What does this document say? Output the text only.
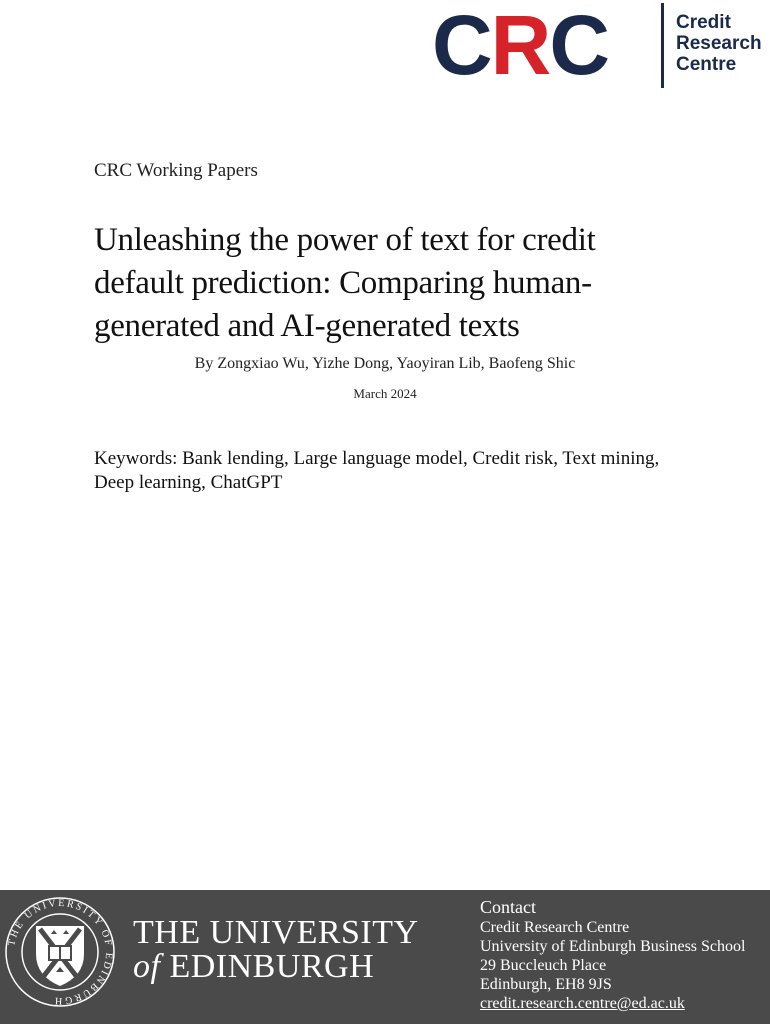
CRC	Credit
Research
Centre
CRC Working Papers
Unleashing the power of text for credit default prediction: Comparing human-generated and AI-generated texts
By Zongxiao Wu, Yizhe Dong, Yaoyiran Lib, Baofeng Shic
March 2024
Keywords: Bank lending, Large language model, Credit risk, Text mining, Deep learning, ChatGPT
THE UNIVERSITY OF EDINBURGH
THE UNIVERSITY
of EDINBURGH
Contact
Credit Research Centre
University of Edinburgh Business School
29 Buccleuch Place
Edinburgh, EH8 9JS
credit.research.centre@ed.ac.uk
